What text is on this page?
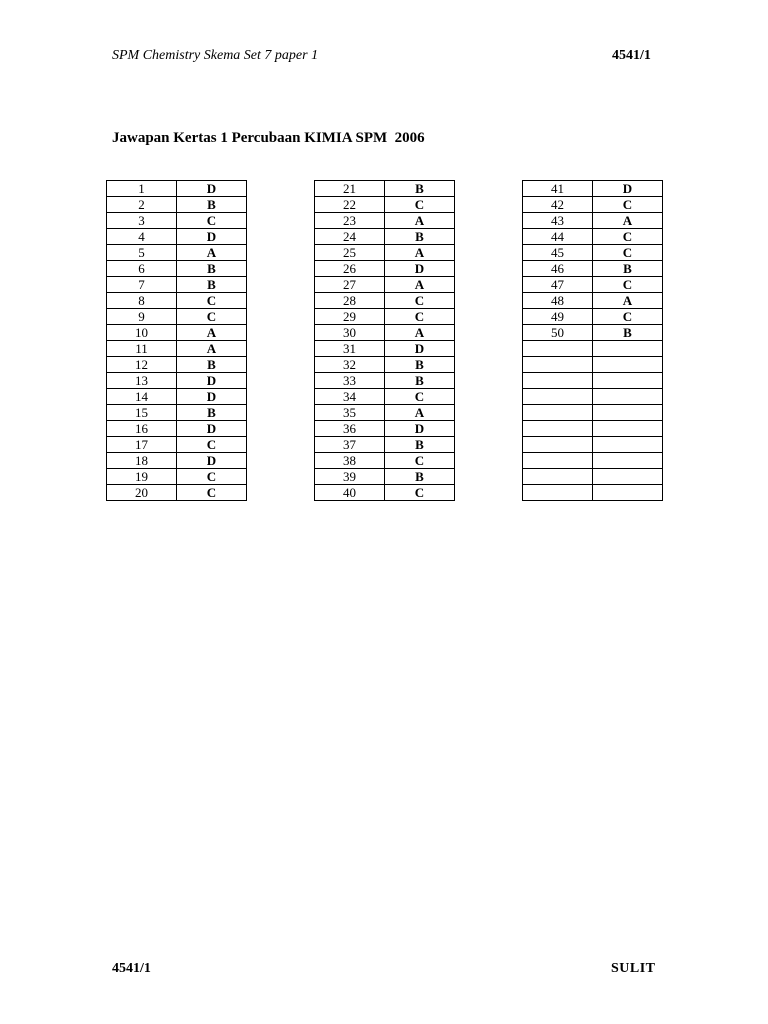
SPM Chemistry Skema Set 7 paper 1	4541/1
Jawapan Kertas 1 Percubaan KIMIA SPM  2006
1	D
2	B
3	C
4	D
5	A
6	B
7	B
8	C
9	C
10	A
11	A
12	B
13	D
14	D
15	B
16	D
17	C
18	D
19	C
20	C
21	B
22	C
23	A
24	B
25	A
26	D
27	A
28	C
29	C
30	A
31	D
32	B
33	B
34	C
35	A
36	D
37	B
38	C
39	B
40	C
41	D
42	C
43	A
44	C
45	C
46	B
47	C
48	A
49	C
50	B

4541/1	SULIT
